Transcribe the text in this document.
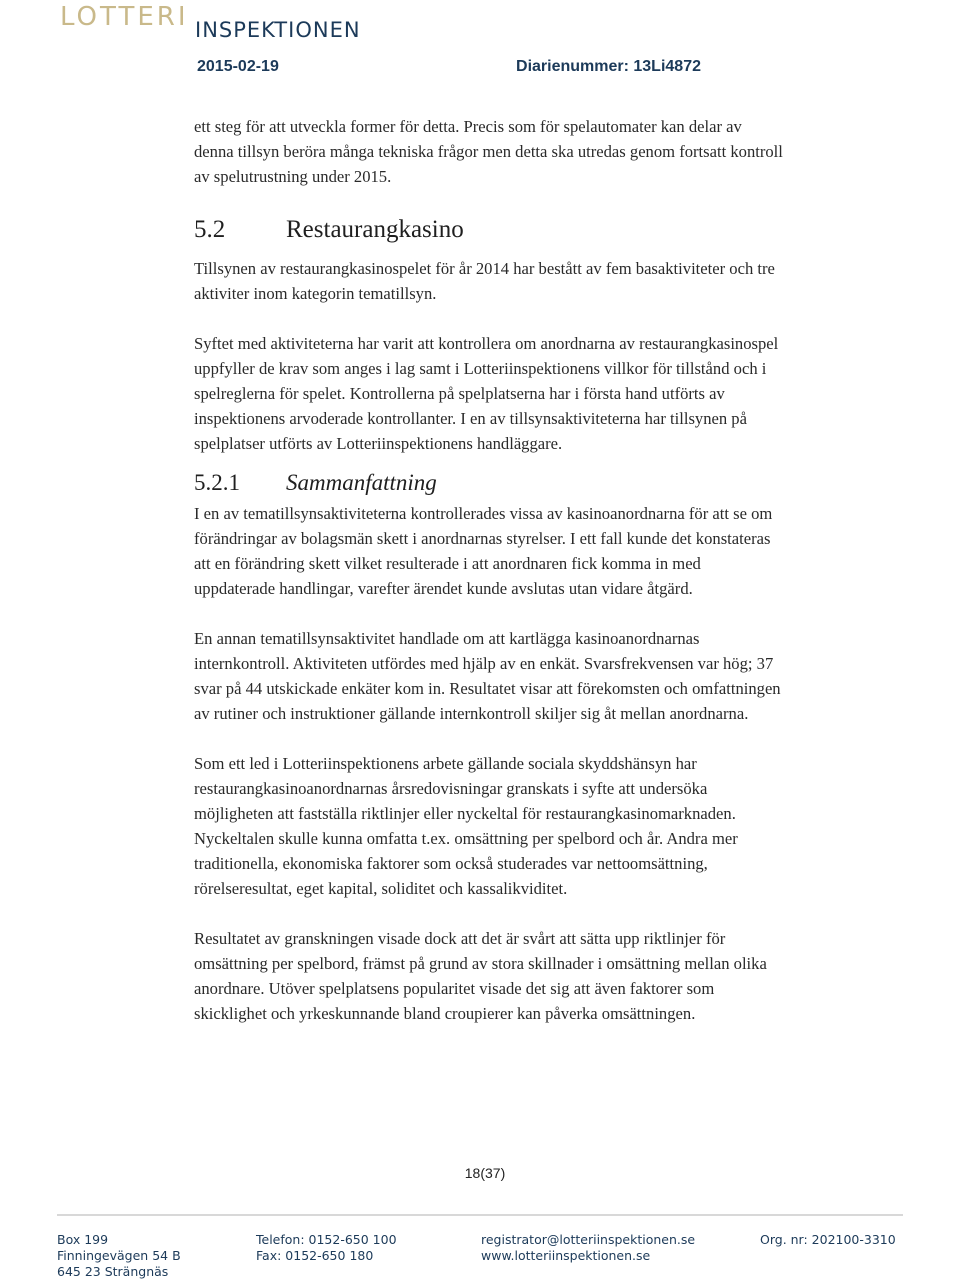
LOTTERI INSPEKTIONEN
2015-02-19	Diarienummer: 13Li4872

ett steg för att utveckla former för detta. Precis som för spelautomater kan delar av denna tillsyn beröra många tekniska frågor men detta ska utredas genom fortsatt kontroll av spelutrustning under 2015.

5.2	Restaurangkasino

Tillsynen av restaurangkasinospelet för år 2014 har bestått av fem basaktiviteter och tre aktiviter inom kategorin tematillsyn.

Syftet med aktiviteterna har varit att kontrollera om anordnarna av restaurangkasinospel uppfyller de krav som anges i lag samt i Lotteriinspektionens villkor för tillstånd och i spelreglerna för spelet. Kontrollerna på spelplatserna har i första hand utförts av inspektionens arvoderade kontrollanter. I en av tillsynsaktiviteterna har tillsynen på spelplatser utförts av Lotteriinspektionens handläggare.

5.2.1	Sammanfattning

I en av tematillsynsaktiviteterna kontrollerades vissa av kasinoanordnarna för att se om förändringar av bolagsmän skett i anordnarnas styrelser. I ett fall kunde det konstateras att en förändring skett vilket resulterade i att anordnaren fick komma in med uppdaterade handlingar, varefter ärendet kunde avslutas utan vidare åtgärd.

En annan tematillsynsaktivitet handlade om att kartlägga kasinoanordnarnas internkontroll. Aktiviteten utfördes med hjälp av en enkät. Svarsfrekvensen var hög; 37 svar på 44 utskickade enkäter kom in. Resultatet visar att förekomsten och omfattningen av rutiner och instruktioner gällande internkontroll skiljer sig åt mellan anordnarna.

Som ett led i Lotteriinspektionens arbete gällande sociala skyddshänsyn har restaurangkasinoanordnarnas årsredovisningar granskats i syfte att undersöka möjligheten att fastställa riktlinjer eller nyckeltal för restaurangkasinomarknaden. Nyckeltalen skulle kunna omfatta t.ex. omsättning per spelbord och år. Andra mer traditionella, ekonomiska faktorer som också studerades var nettoomsättning, rörelseresultat, eget kapital, soliditet och kassalikviditet.

Resultatet av granskningen visade dock att det är svårt att sätta upp riktlinjer för omsättning per spelbord, främst på grund av stora skillnader i omsättning mellan olika anordnare. Utöver spelplatsens popularitet visade det sig att även faktorer som skicklighet och yrkeskunnande bland croupierer kan påverka omsättningen.

18(37)
Box 199
Finningevägen 54 B
645 23 Strängnäs
Telefon: 0152-650 100
Fax: 0152-650 180
registrator@lotteriinspektionen.se
www.lotteriinspektionen.se
Org. nr: 202100-3310
